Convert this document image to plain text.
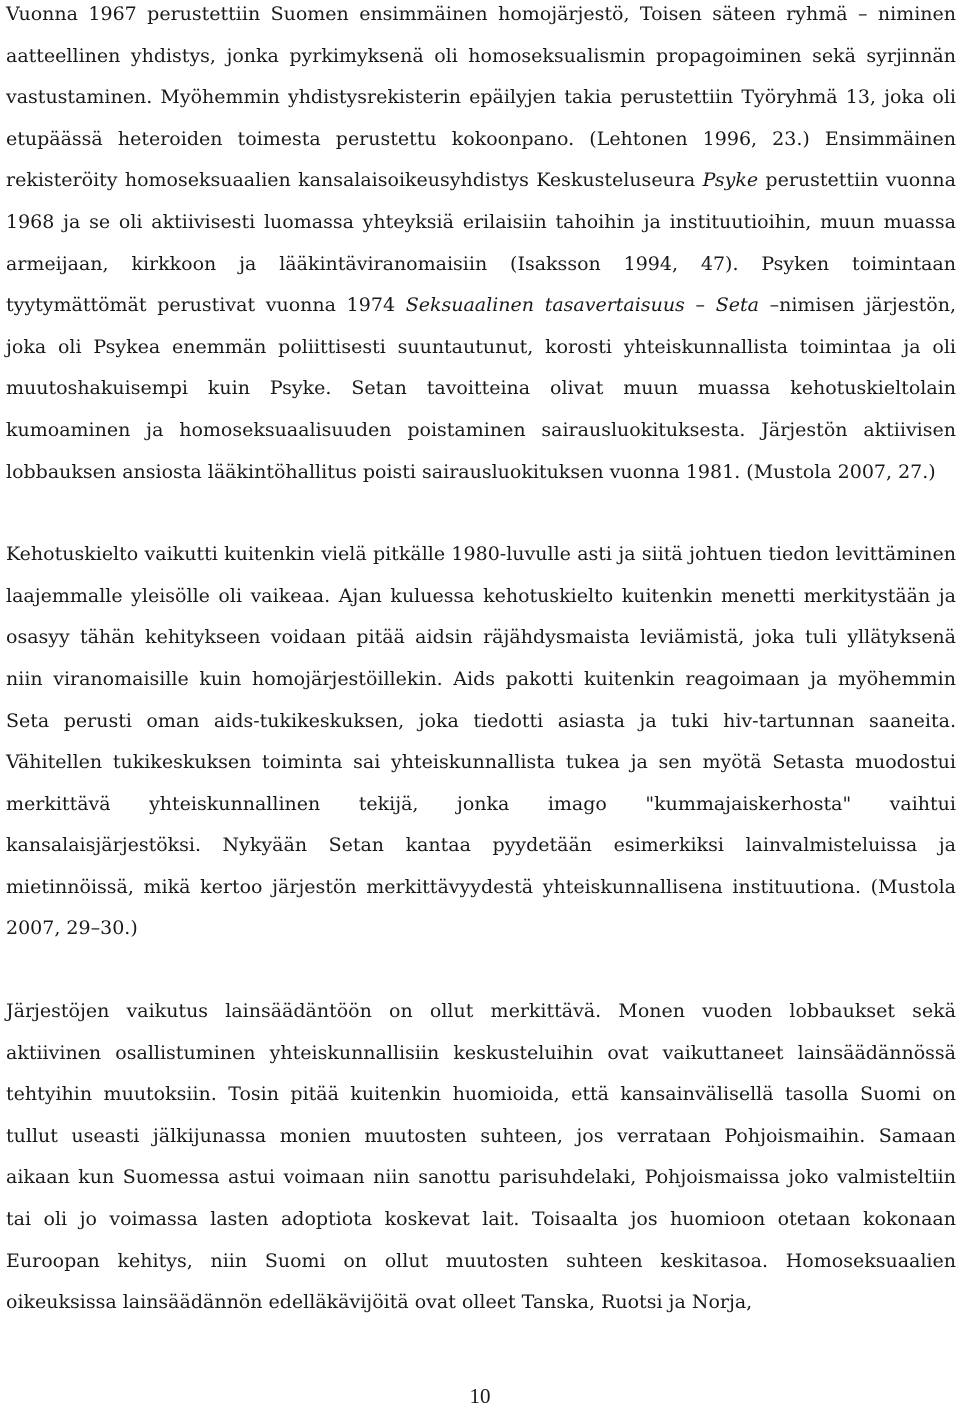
Vuonna 1967 perustettiin Suomen ensimmäinen homojärjestö, Toisen säteen ryhmä – niminen aatteellinen yhdistys, jonka pyrkimyksenä oli homoseksualismin propagoiminen sekä syrjinnän vastustaminen. Myöhemmin yhdistysrekisterin epäilyjen takia perustettiin Työryhmä 13, joka oli etupäässä heteroiden toimesta perustettu kokoonpano. (Lehtonen 1996, 23.) Ensimmäinen rekisteröity homoseksuaalien kansalaisoikeusyhdistys Keskusteluseura Psyke perustettiin vuonna 1968 ja se oli aktiivisesti luomassa yhteyksiä erilaisiin tahoihin ja instituutioihin, muun muassa armeijaan, kirkkoon ja lääkintäviranomaisiin (Isaksson 1994, 47). Psyken toimintaan tyytymättömät perustivat vuonna 1974 Seksuaalinen tasavertaisuus – Seta –nimisen järjestön, joka oli Psykea enemmän poliittisesti suuntautunut, korosti yhteiskunnallista toimintaa ja oli muutoshakuisempi kuin Psyke. Setan tavoitteina olivat muun muassa kehotuskieltolain kumoaminen ja homoseksuaalisuuden poistaminen sairausluokituksesta. Järjestön aktiivisen lobbauksen ansiosta lääkintöhallitus poisti sairausluokituksen vuonna 1981. (Mustola 2007, 27.)

Kehotuskielto vaikutti kuitenkin vielä pitkälle 1980-luvulle asti ja siitä johtuen tiedon levittäminen laajemmalle yleisölle oli vaikeaa. Ajan kuluessa kehotuskielto kuitenkin menetti merkitystään ja osasyy tähän kehitykseen voidaan pitää aidsin räjähdysmaista leviämistä, joka tuli yllätyksenä niin viranomaisille kuin homojärjestöillekin. Aids pakotti kuitenkin reagoimaan ja myöhemmin Seta perusti oman aids-tukikeskuksen, joka tiedotti asiasta ja tuki hiv-tartunnan saaneita. Vähitellen tukikeskuksen toiminta sai yhteiskunnallista tukea ja sen myötä Setasta muodostui merkittävä yhteiskunnallinen tekijä, jonka imago "kummajaiskerhosta" vaihtui kansalaisjärjestöksi. Nykyään Setan kantaa pyydetään esimerkiksi lainvalmisteluissa ja mietinnöissä, mikä kertoo järjestön merkittävyydestä yhteiskunnallisena instituutiona. (Mustola 2007, 29–30.)

Järjestöjen vaikutus lainsäädäntöön on ollut merkittävä. Monen vuoden lobbaukset sekä aktiivinen osallistuminen yhteiskunnallisiin keskusteluihin ovat vaikuttaneet lainsäädännössä tehtyihin muutoksiin. Tosin pitää kuitenkin huomioida, että kansainvälisellä tasolla Suomi on tullut useasti jälkijunassa monien muutosten suhteen, jos verrataan Pohjoismaihin. Samaan aikaan kun Suomessa astui voimaan niin sanottu parisuhdelaki, Pohjoismaissa joko valmisteltiin tai oli jo voimassa lasten adoptiota koskevat lait. Toisaalta jos huomioon otetaan kokonaan Euroopan kehitys, niin Suomi on ollut muutosten suhteen keskitasoa. Homoseksuaalien oikeuksissa lainsäädännön edelläkävijöitä ovat olleet Tanska, Ruotsi ja Norja,

10
